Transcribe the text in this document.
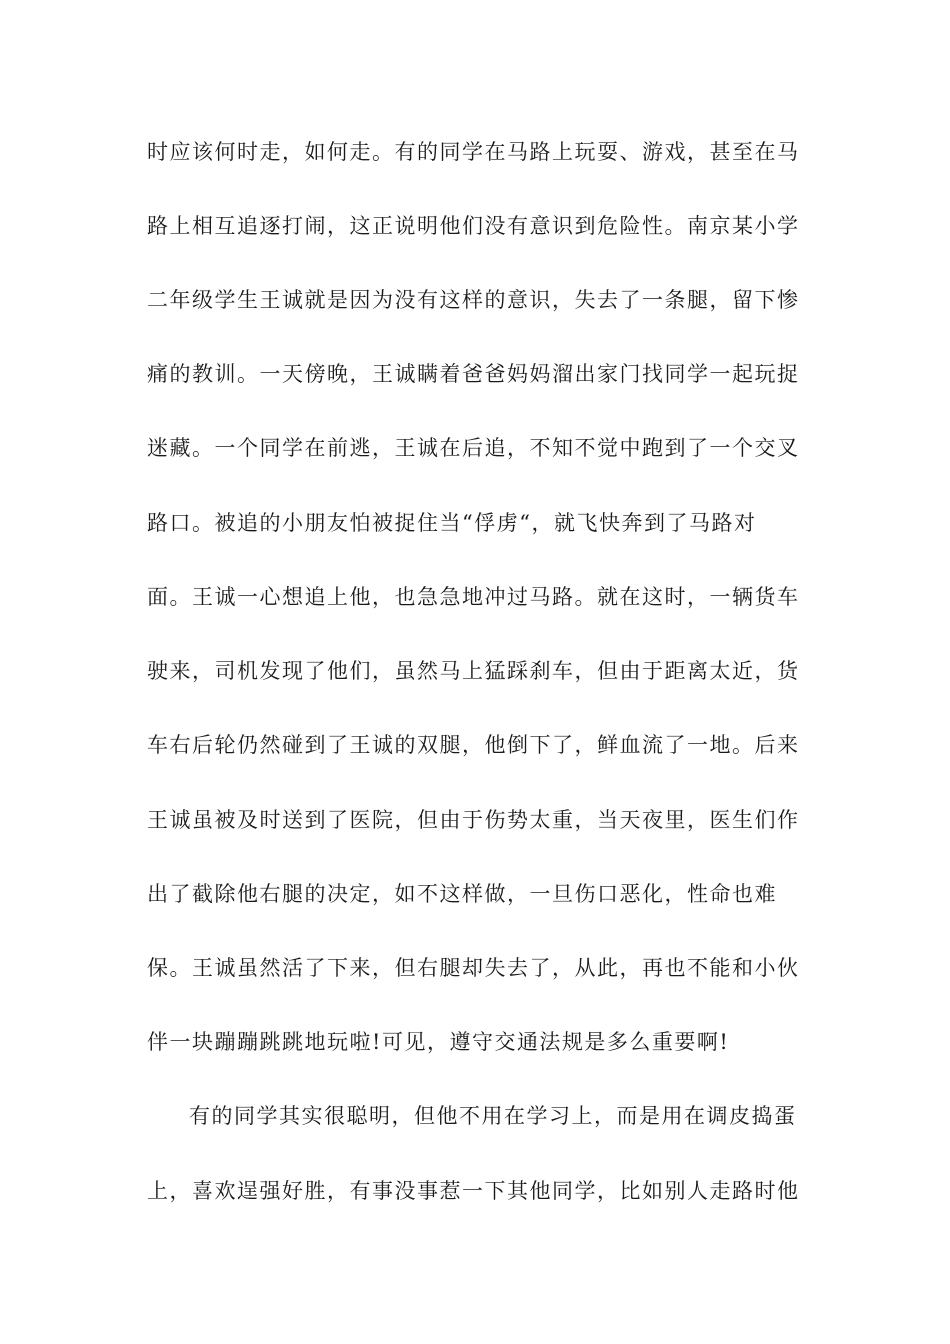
时应该何时走，如何走。有的同学在马路上玩耍、游戏，甚至在马
路上相互追逐打闹，这正说明他们没有意识到危险性。南京某小学
二年级学生王诚就是因为没有这样的意识，失去了一条腿，留下惨
痛的教训。一天傍晚，王诚瞒着爸爸妈妈溜出家门找同学一起玩捉
迷藏。一个同学在前逃，王诚在后追，不知不觉中跑到了一个交叉
路口。被追的小朋友怕被捉住当“俘虏“，就飞快奔到了马路对
面。王诚一心想追上他，也急急地冲过马路。就在这时，一辆货车
驶来，司机发现了他们，虽然马上猛踩刹车，但由于距离太近，货
车右后轮仍然碰到了王诚的双腿，他倒下了，鲜血流了一地。后来
王诚虽被及时送到了医院，但由于伤势太重，当天夜里，医生们作
出了截除他右腿的决定，如不这样做，一旦伤口恶化，性命也难
保。王诚虽然活了下来，但右腿却失去了，从此，再也不能和小伙
伴一块蹦蹦跳跳地玩啦!可见，遵守交通法规是多么重要啊!
有的同学其实很聪明，但他不用在学习上，而是用在调皮捣蛋
上，喜欢逞强好胜，有事没事惹一下其他同学，比如别人走路时他
